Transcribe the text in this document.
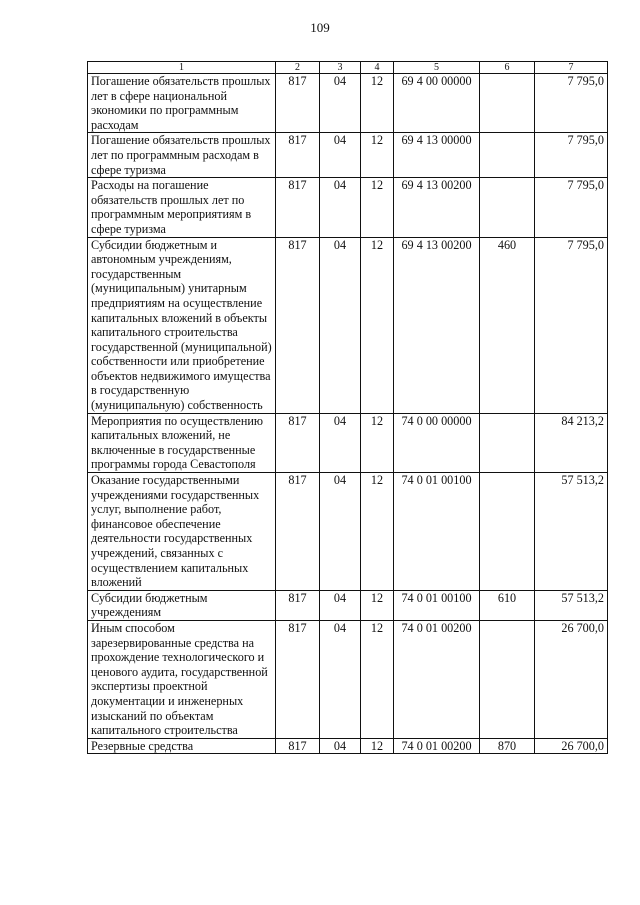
109
1	2	3	4	5	6	7
Погашение обязательств прошлых лет в сфере национальной экономики по программным расходам	817	04	12	69 4 00 00000		7 795,0
Погашение обязательств прошлых лет по программным расходам в сфере туризма	817	04	12	69 4 13 00000		7 795,0
Расходы на погашение обязательств прошлых лет по программным мероприятиям в сфере туризма	817	04	12	69 4 13 00200		7 795,0
Субсидии бюджетным и автономным учреждениям, государственным (муниципальным) унитарным предприятиям на осуществление капитальных вложений в объекты капитального строительства государственной (муниципальной) собственности или приобретение объектов недвижимого имущества в государственную (муниципальную) собственность	817	04	12	69 4 13 00200	460	7 795,0
Мероприятия по осуществлению капитальных вложений, не включенные в государственные программы города Севастополя	817	04	12	74 0 00 00000		84 213,2
Оказание государственными учреждениями государственных услуг, выполнение работ, финансовое обеспечение деятельности государственных учреждений, связанных с осуществлением капитальных вложений	817	04	12	74 0 01 00100		57 513,2
Субсидии бюджетным учреждениям	817	04	12	74 0 01 00100	610	57 513,2
Иным способом зарезервированные средства на прохождение технологического и ценового аудита, государственной экспертизы проектной документации и инженерных изысканий по объектам капитального строительства	817	04	12	74 0 01 00200		26 700,0
Резервные средства	817	04	12	74 0 01 00200	870	26 700,0
